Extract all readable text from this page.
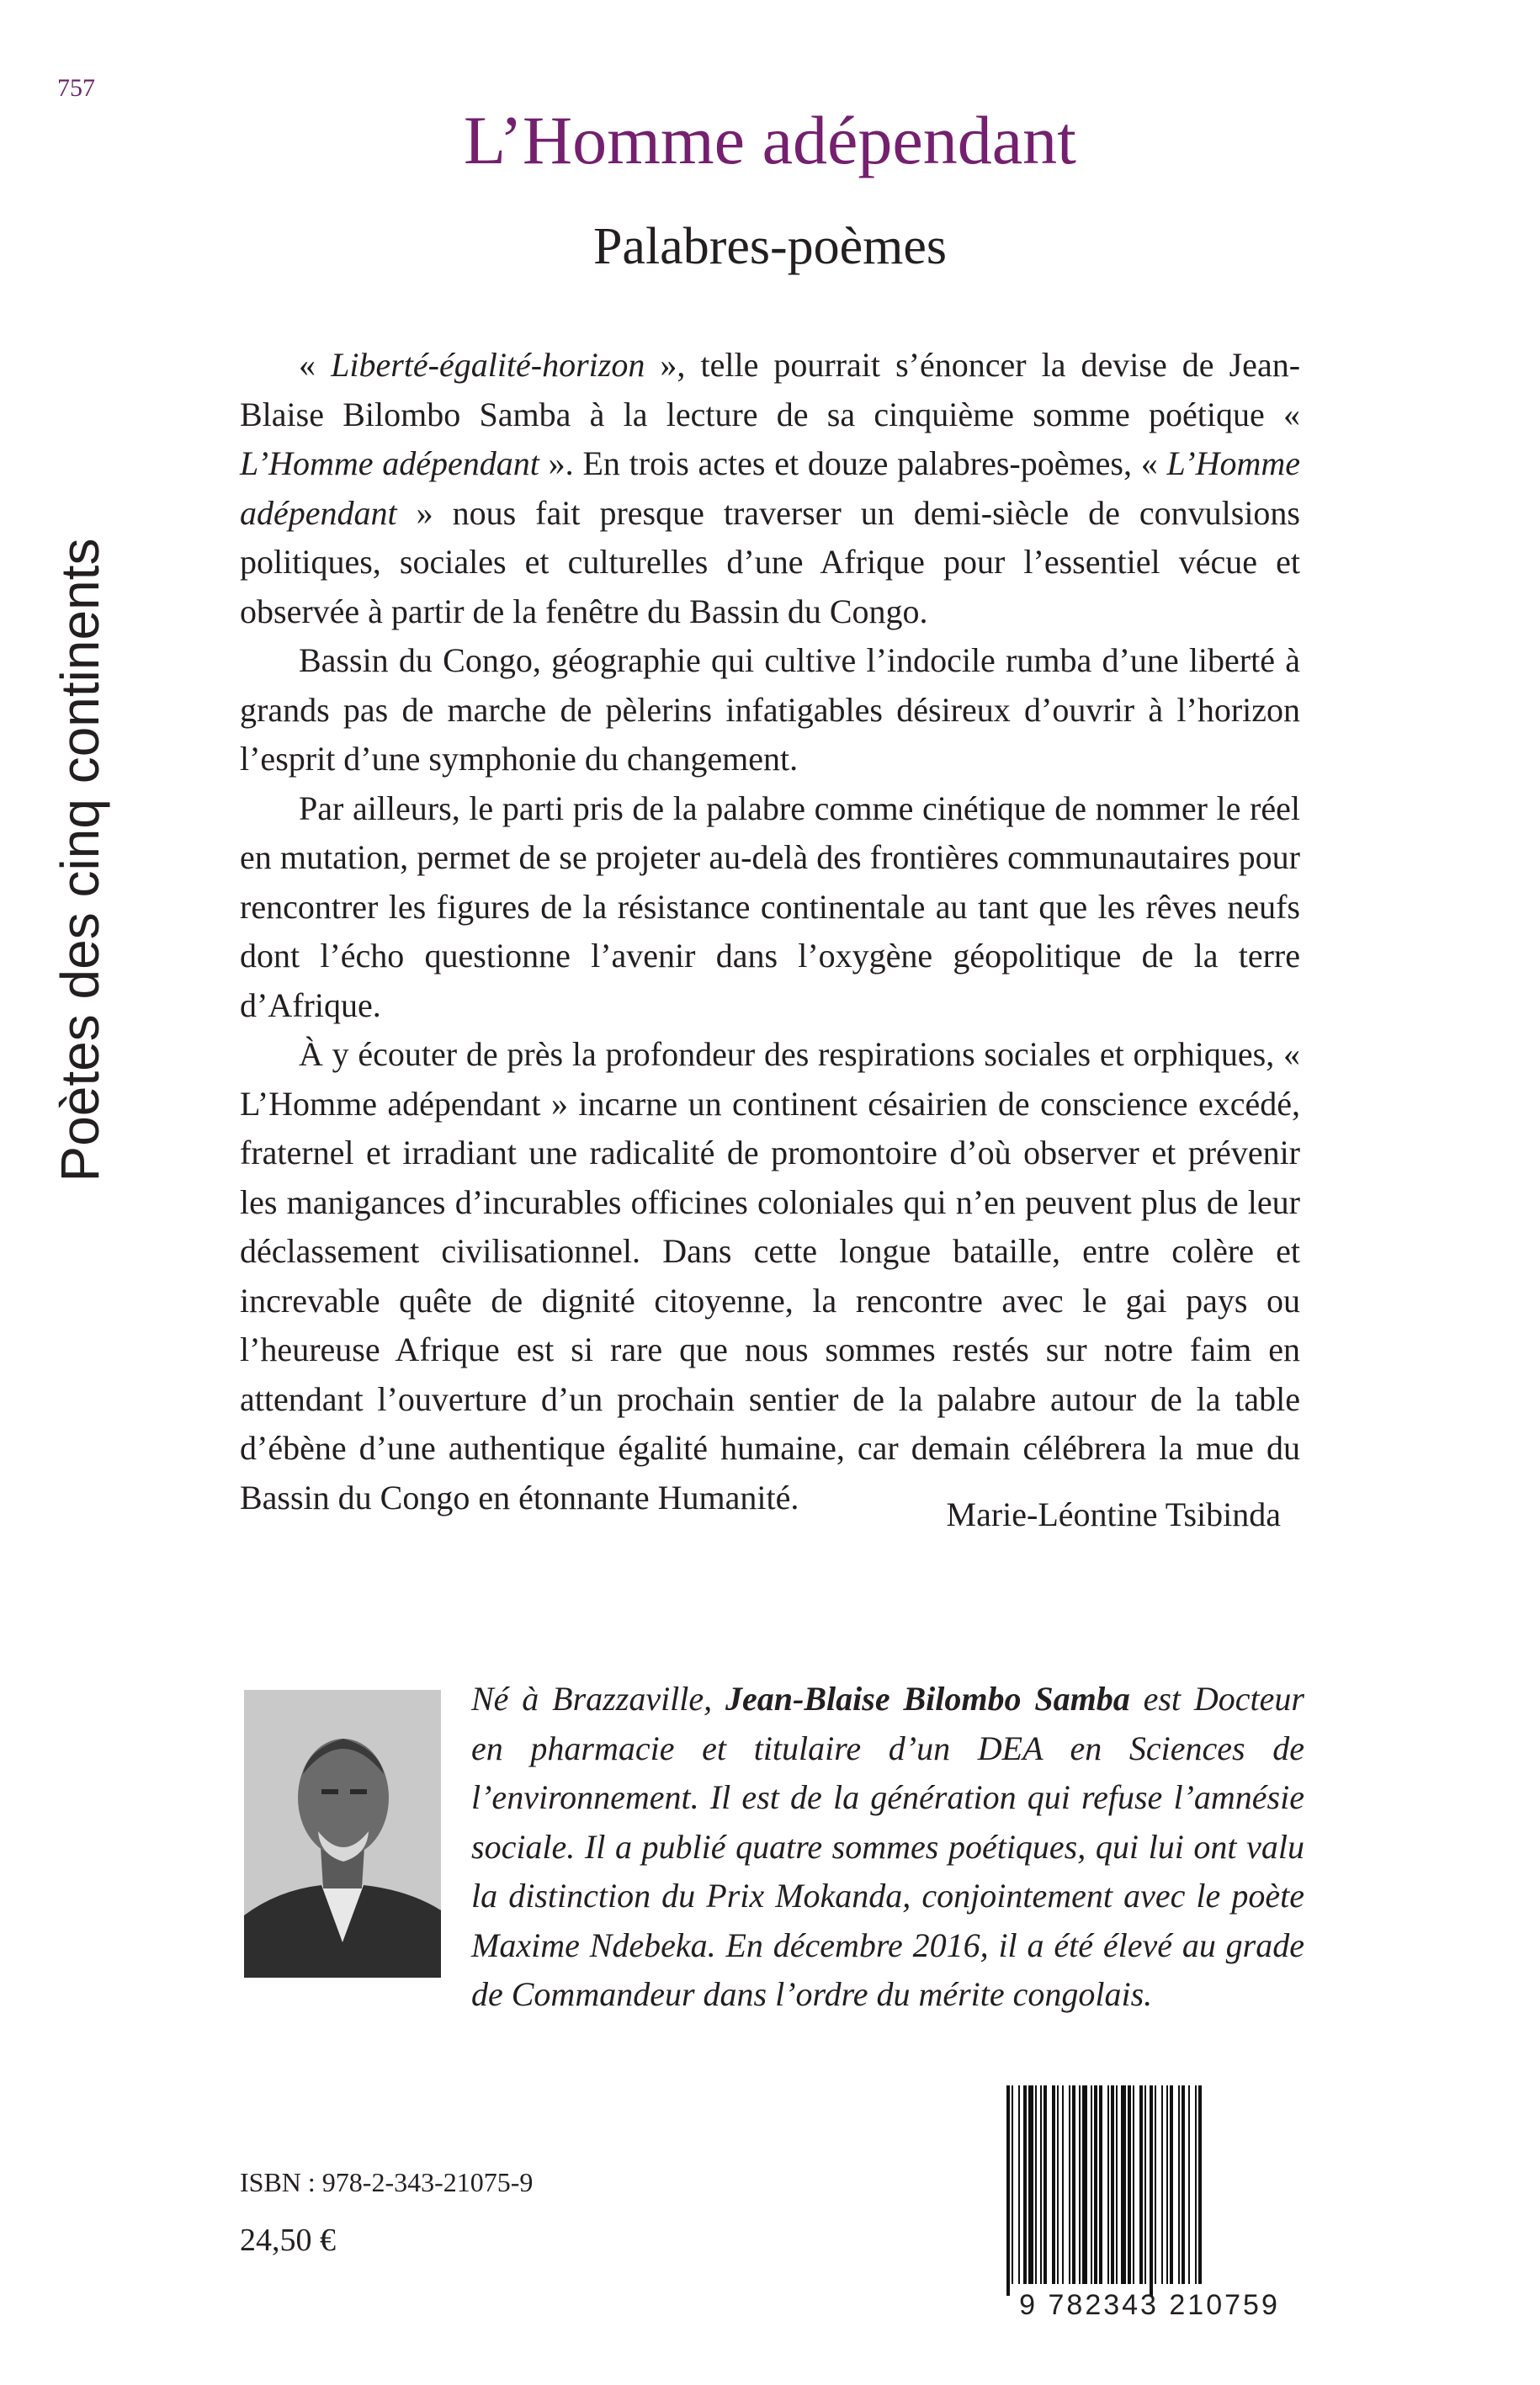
757
Poètes des cinq continents
L’Homme adépendant
Palabres-poèmes

« Liberté-égalité-horizon », telle pourrait s’énoncer la devise de Jean-Blaise Bilombo Samba à la lecture de sa cinquième somme poétique « L’Homme adépendant ». En trois actes et douze palabres-poèmes, « L’Homme adépendant » nous fait presque traverser un demi-siècle de convulsions politiques, sociales et culturelles d’une Afrique pour l’essentiel vécue et observée à partir de la fenêtre du Bassin du Congo.

Bassin du Congo, géographie qui cultive l’indocile rumba d’une liberté à grands pas de marche de pèlerins infatigables désireux d’ouvrir à l’horizon l’esprit d’une symphonie du changement.

Par ailleurs, le parti pris de la palabre comme cinétique de nommer le réel en mutation, permet de se projeter au-delà des frontières communautaires pour rencontrer les figures de la résistance continentale au tant que les rêves neufs dont l’écho questionne l’avenir dans l’oxygène géopolitique de la terre d’Afrique.

À y écouter de près la profondeur des respirations sociales et orphiques, « L’Homme adépendant » incarne un continent césairien de conscience excédé, fraternel et irradiant une radicalité de promontoire d’où observer et prévenir les manigances d’incurables officines coloniales qui n’en peuvent plus de leur déclassement civilisationnel. Dans cette longue bataille, entre colère et increvable quête de dignité citoyenne, la rencontre avec le gai pays ou l’heureuse Afrique est si rare que nous sommes restés sur notre faim en attendant l’ouverture d’un prochain sentier de la palabre autour de la table d’ébène d’une authentique égalité humaine, car demain célébrera la mue du Bassin du Congo en étonnante Humanité.	Marie-Léontine Tsibinda

Né à Brazzaville, Jean-Blaise Bilombo Samba est Docteur en pharmacie et titulaire d’un DEA en Sciences de l’environnement. Il est de la génération qui refuse l’amnésie sociale. Il a publié quatre sommes poétiques, qui lui ont valu la distinction du Prix Mokanda, conjointement avec le poète Maxime Ndebeka. En décembre 2016, il a été élevé au grade de Commandeur dans l’ordre du mérite congolais.

ISBN : 978-2-343-21075-9
24,50 €
9 782343 210759
